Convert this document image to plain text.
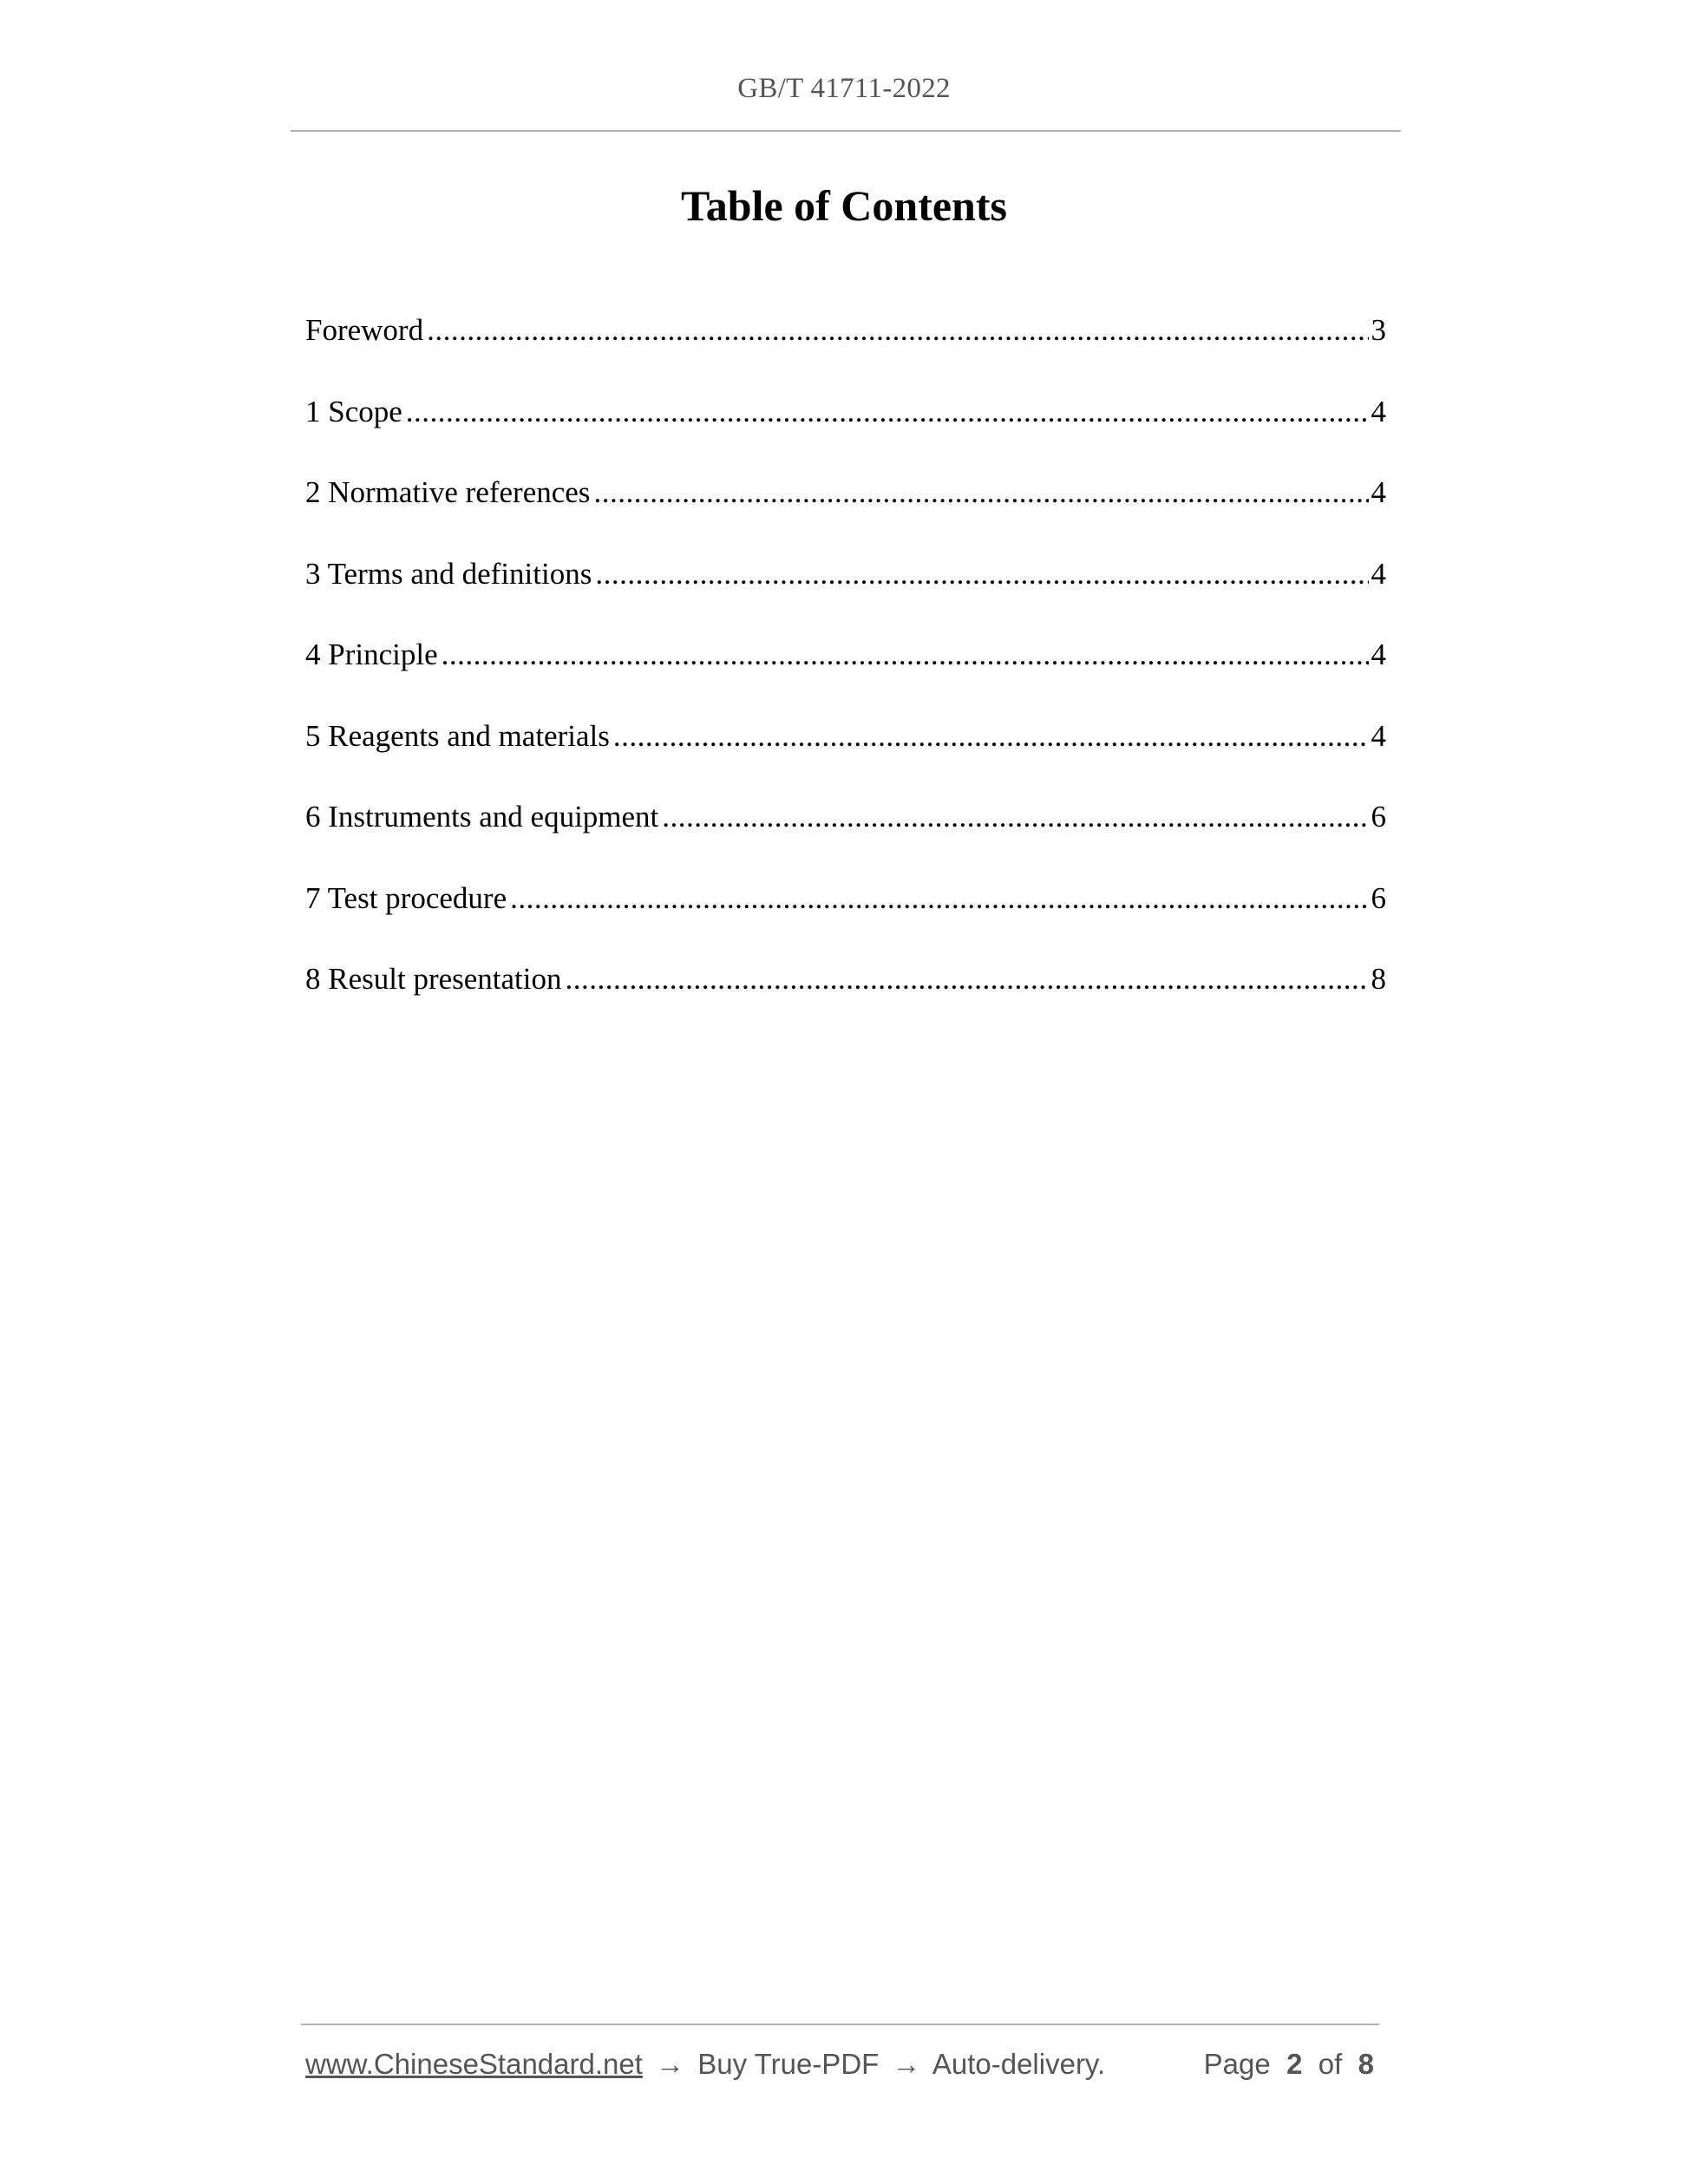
GB/T 41711-2022
Table of Contents
Foreword .....	3
1 Scope .....	4
2 Normative references .....	4
3 Terms and definitions .....	4
4 Principle .....	4
5 Reagents and materials .....	4
6 Instruments and equipment .....	6
7 Test procedure .....	6
8 Result presentation .....	8
www.ChineseStandard.net → Buy True-PDF → Auto-delivery.	Page 2 of 8
